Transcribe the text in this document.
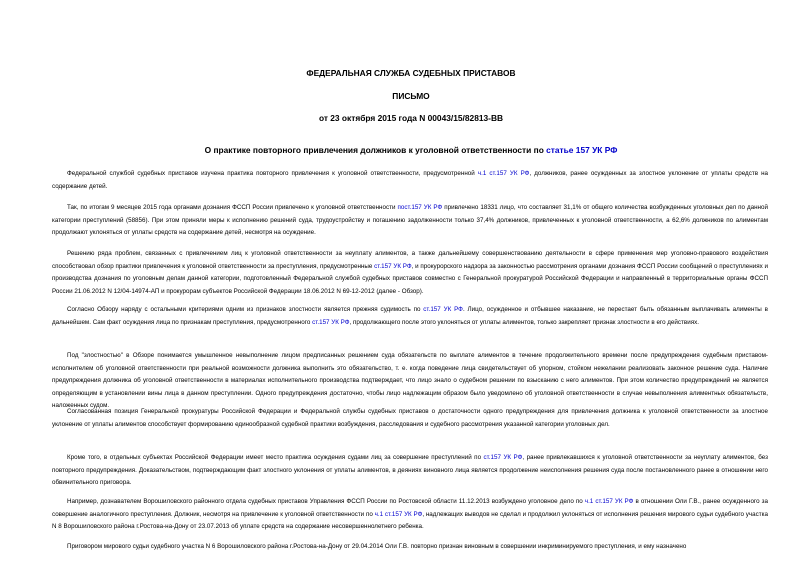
ФЕДЕРАЛЬНАЯ СЛУЖБА СУДЕБНЫХ ПРИСТАВОВ
ПИСЬМО
от 23 октября 2015 года N 00043/15/82813-ВВ
О практике повторного привлечения должников к уголовной ответственности по статье 157 УК РФ

Федеральной службой судебных приставов изучена практика повторного привлечения к уголовной ответственности, предусмотренной ч.1 ст.157 УК РФ, должников, ранее осужденных за злостное уклонение от уплаты средств на содержание детей.

Так, по итогам 9 месяцев 2015 года органами дознания ФССП России привлечено к уголовной ответственности пост.157 УК РФ привлечено 18331 лицо, что составляет 31,1% от общего количества возбужденных уголовных дел по данной категории преступлений (58856). При этом приняли меры к исполнению решений суда, трудоустройству и погашению задолженности только 37,4% должников, привлеченных к уголовной ответственности, а 62,6% должников по алиментам продолжают уклоняться от уплаты средств на содержание детей, несмотря на осуждение.

Решению ряда проблем, связанных с привлечением лиц к уголовной ответственности за неуплату алиментов, а также дальнейшему совершенствованию деятельности в сфере применения мер уголовно-правового воздействия способствовал обзор практики привлечения к уголовной ответственности за преступления, предусмотренные ст.157 УК РФ, и прокурорского надзора за законностью рассмотрения органами дознания ФССП России сообщений о преступлениях и производства дознания по уголовным делам данной категории, подготовленный Федеральной службой судебных приставов совместно с Генеральной прокуратурой Российской Федерации и направленный в территориальные органы ФССП России 21.06.2012 N 12/04-14974-АП и прокурорам субъектов Российской Федерации 18.06.2012 N 69-12-2012 (далее - Обзор).

Согласно Обзору наряду с остальными критериями одним из признаков злостности является прежняя судимость по ст.157 УК РФ. Лицо, осужденное и отбывшее наказание, не перестает быть обязанным выплачивать алименты в дальнейшем. Сам факт осуждения лица по признакам преступления, предусмотренного ст.157 УК РФ, продолжающего после этого уклоняться от уплаты алиментов, только закрепляет признак злостности в его действиях.

Под "злостностью" в Обзоре понимается умышленное невыполнение лицом предписанных решением суда обязательств по выплате алиментов в течение продолжительного времени после предупреждения судебным приставом-исполнителем об уголовной ответственности при реальной возможности должника выполнить это обязательство, т. е. когда поведение лица свидетельствует об упорном, стойком нежелании реализовать законное решение суда. Наличие предупреждения должника об уголовной ответственности в материалах исполнительного производства подтверждает, что лицо знало о судебном решении по взысканию с него алиментов. При этом количество предупреждений не является определяющим в установлении вины лица в данном преступлении. Одного предупреждения достаточно, чтобы лицо надлежащим образом было уведомлено об уголовной ответственности в случае невыполнения алиментных обязательств, наложенных судом.

Согласованная позиция Генеральной прокуратуры Российской Федерации и Федеральной службы судебных приставов о достаточности одного предупреждения для привлечения должника к уголовной ответственности за злостное уклонение от уплаты алиментов способствует формированию единообразной судебной практики возбуждения, расследования и судебного рассмотрения указанной категории уголовных дел.

Кроме того, в отдельных субъектах Российской Федерации имеет место практика осуждения судами лиц за совершение преступлений по ст.157 УК РФ, ранее привлекавшихся к уголовной ответственности за неуплату алиментов, без повторного предупреждения. Доказательством, подтверждающим факт злостного уклонения от уплаты алиментов, в деяниях виновного лица является продолжение неисполнения решения суда после постановленного ранее в отношении него обвинительного приговора.

Например, дознавателем Ворошиловского районного отдела судебных приставов Управления ФССП России по Ростовской области 11.12.2013 возбуждено уголовное дело по ч.1 ст.157 УК РФ в отношении Оли Г.В., ранее осужденного за совершение аналогичного преступления. Должник, несмотря на привлечение к уголовной ответственности по ч.1 ст.157 УК РФ, надлежащих выводов не сделал и продолжил уклоняться от исполнения решения мирового судьи судебного участка N 8 Ворошиловского района г.Ростова-на-Дону от 23.07.2013 об уплате средств на содержание несовершеннолетнего ребенка.

Приговором мирового судьи судебного участка N 6 Ворошиловского района г.Ростова-на-Дону от 29.04.2014 Оли Г.В. повторно признан виновным в совершении инкриминируемого преступления, и ему назначено
